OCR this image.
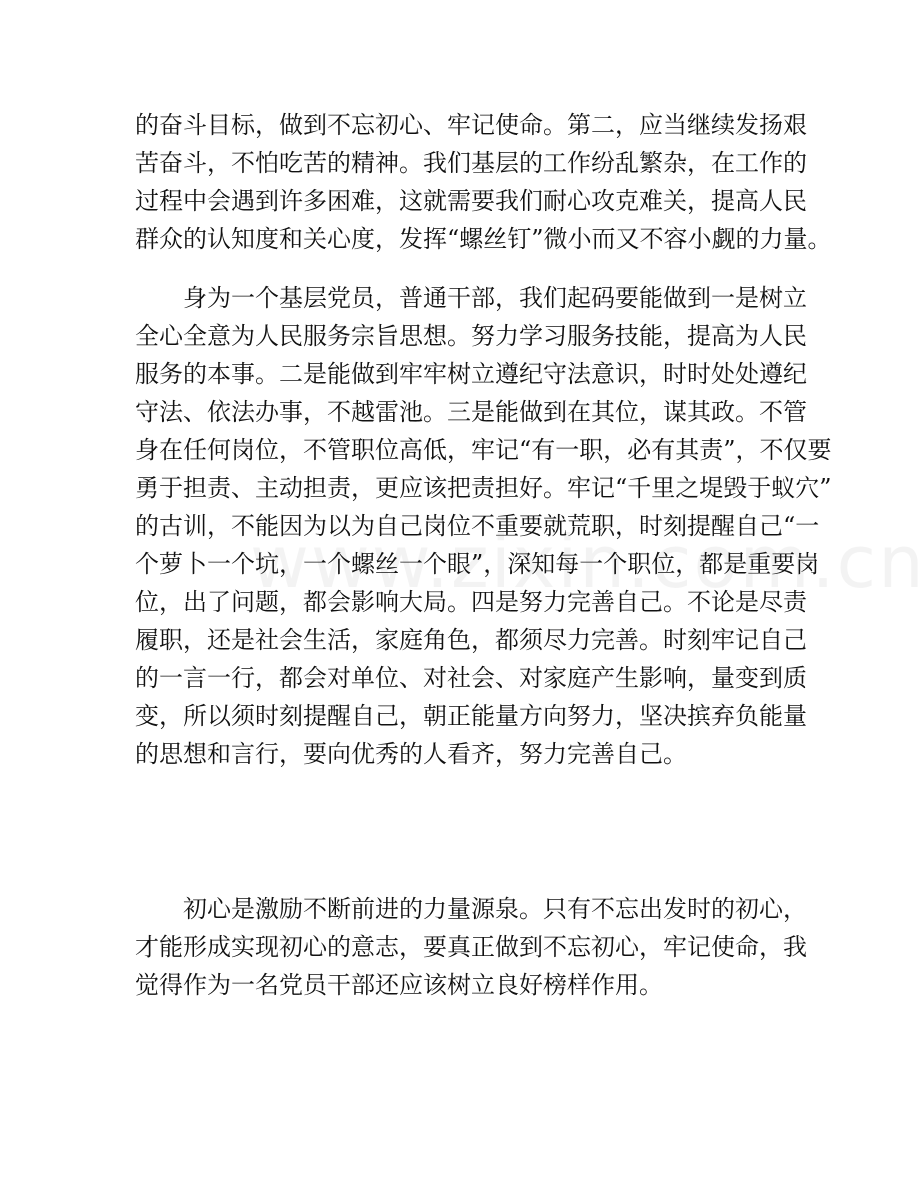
的奋斗目标，做到不忘初心、牢记使命。第二，应当继续发扬艰
苦奋斗，不怕吃苦的精神。我们基层的工作纷乱繁杂，在工作的
过程中会遇到许多困难，这就需要我们耐心攻克难关，提高人民
群众的认知度和关心度，发挥“螺丝钉”微小而又不容小觑的力量。
身为一个基层党员，普通干部，我们起码要能做到一是树立
全心全意为人民服务宗旨思想。努力学习服务技能，提高为人民
服务的本事。二是能做到牢牢树立遵纪守法意识，时时处处遵纪
守法、依法办事，不越雷池。三是能做到在其位，谋其政。不管
身在任何岗位，不管职位高低，牢记“有一职，必有其责”，不仅要
勇于担责、主动担责，更应该把责担好。牢记“千里之堤毁于蚁穴”
的古训，不能因为以为自己岗位不重要就荒职，时刻提醒自己“一
个萝卜一个坑，一个螺丝一个眼”，深知每一个职位，都是重要岗
位，出了问题，都会影响大局。四是努力完善自己。不论是尽责
履职，还是社会生活，家庭角色，都须尽力完善。时刻牢记自己
的一言一行，都会对单位、对社会、对家庭产生影响，量变到质
变，所以须时刻提醒自己，朝正能量方向努力，坚决摈弃负能量
的思想和言行，要向优秀的人看齐，努力完善自己。
初心是激励不断前进的力量源泉。只有不忘出发时的初心，
才能形成实现初心的意志，要真正做到不忘初心，牢记使命，我
觉得作为一名党员干部还应该树立良好榜样作用。
